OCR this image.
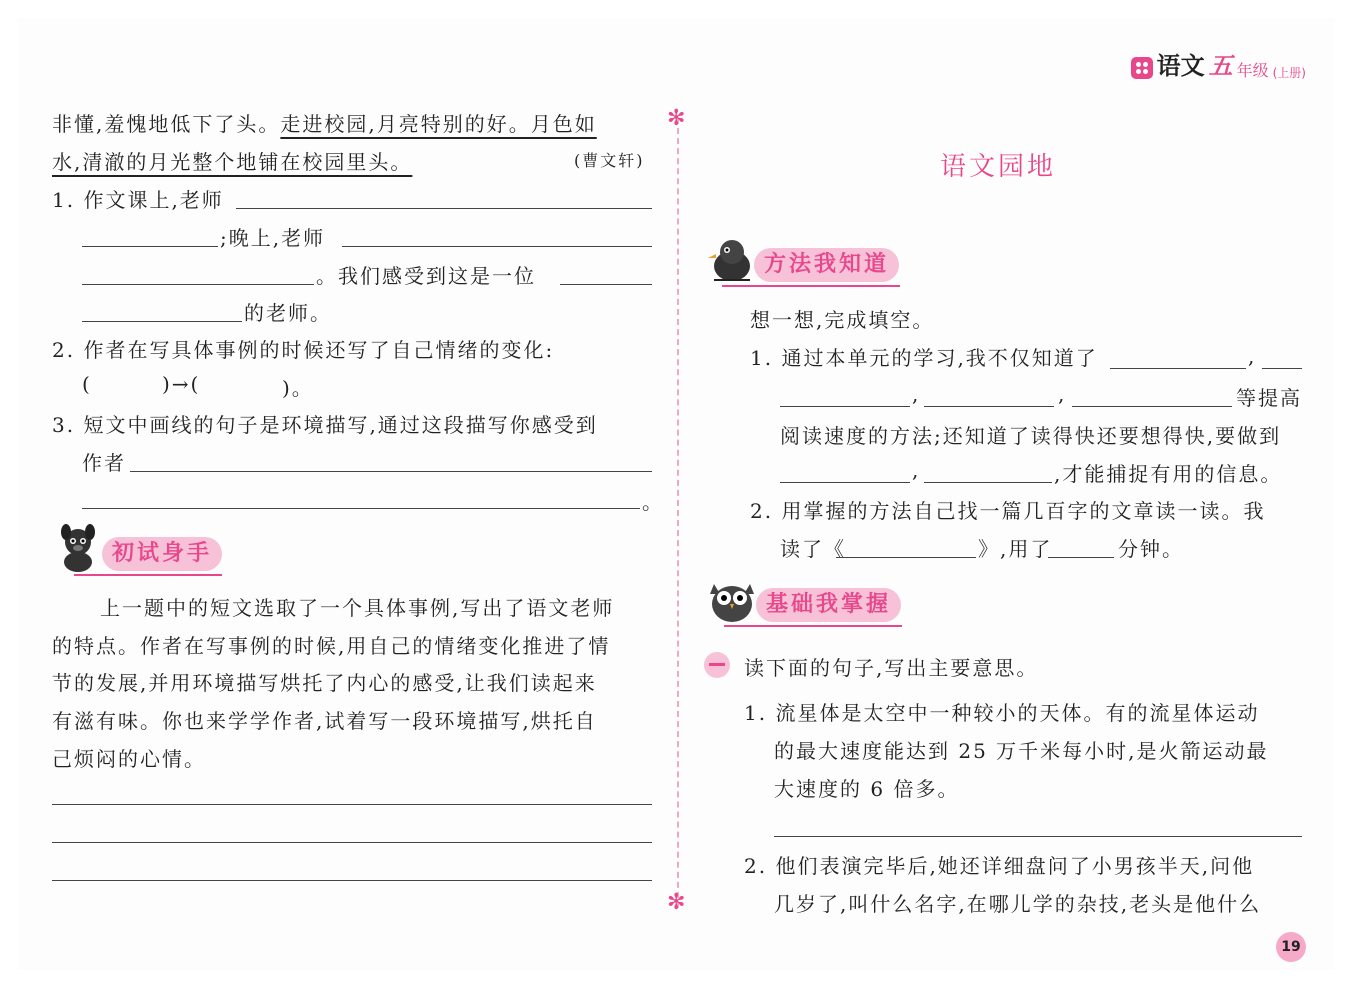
语文 五 年级 (上册)
非懂,羞愧地低下了头。走进校园,月亮特别的好。月色如
水,清澈的月光整个地铺在校园里头。	(曹文轩)
1. 作文课上,老师
;晚上,老师
。我们感受到这是一位
的老师。
2. 作者在写具体事例的时候还写了自己情绪的变化:
(	)→(	)。
3. 短文中画线的句子是环境描写,通过这段描写你感受到
作者
。
初试身手
上一题中的短文选取了一个具体事例,写出了语文老师
的特点。作者在写事例的时候,用自己的情绪变化推进了情
节的发展,并用环境描写烘托了内心的感受,让我们读起来
有滋有味。你也来学学作者,试着写一段环境描写,烘托自
己烦闷的心情。
✻
✻
语文园地
方法我知道
想一想,完成填空。
1. 通过本单元的学习,我不仅知道了	,
,	,	等提高
阅读速度的方法;还知道了读得快还要想得快,要做到
,	,才能捕捉有用的信息。
2. 用掌握的方法自己找一篇几百字的文章读一读。我
读了《	》,用了	分钟。
基础我掌握
读下面的句子,写出主要意思。
1. 流星体是太空中一种较小的天体。有的流星体运动
的最大速度能达到 25 万千米每小时,是火箭运动最
大速度的 6 倍多。
2. 他们表演完毕后,她还详细盘问了小男孩半天,问他
几岁了,叫什么名字,在哪儿学的杂技,老头是他什么
19
